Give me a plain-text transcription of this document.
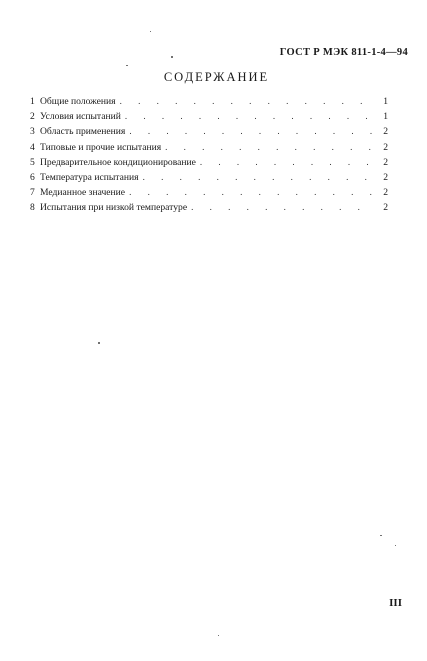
ГОСТ Р МЭК 811-1-4—94
СОДЕРЖАНИЕ
1 Общие положения . . .	1
2 Условия испытаний . . .	1
3 Область применения . . .	2
4 Типовые и прочие испытания . . .	2
5 Предварительное кондиционирование . . .	2
6 Температура испытания . . .	2
7 Медианное значение . . .	2
8 Испытания при низкой температуре . . .	2
III
